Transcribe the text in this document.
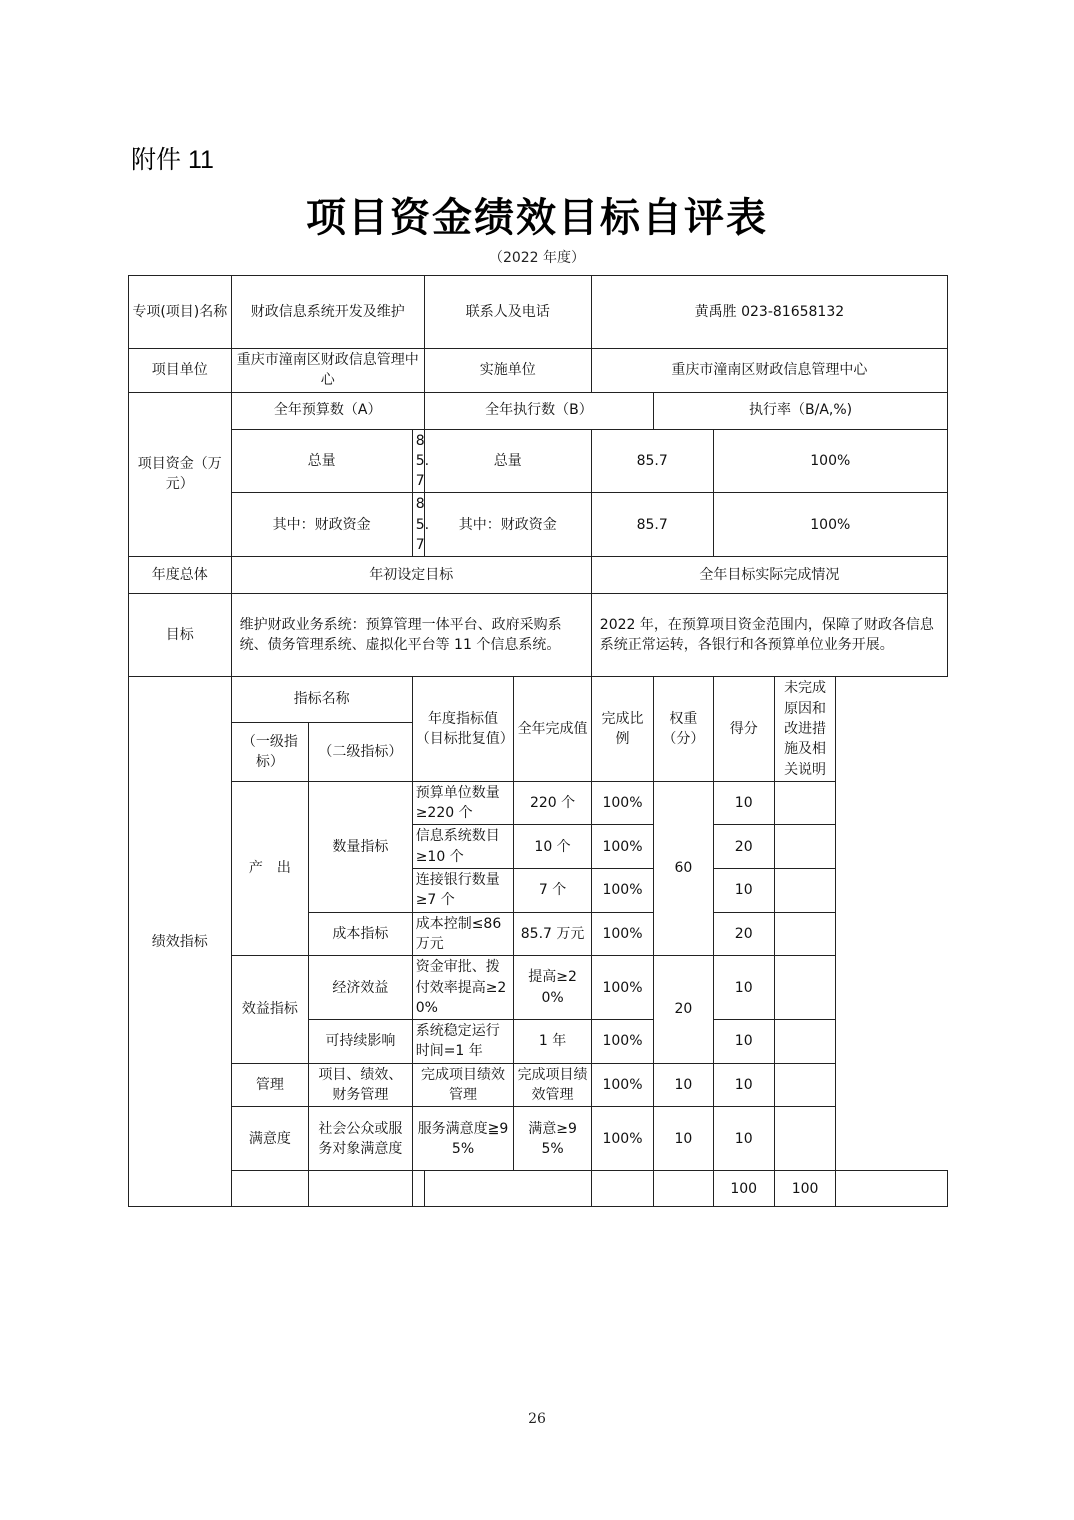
附件 11
项目资金绩效目标自评表
（2022 年度）
专项(项目)名称	财政信息系统开发及维护			联系人及电话		黄禹胜 023-81658132				
项目单位	重庆市潼南区财政信息管理中心			实施单位		重庆市潼南区财政信息管理中心				
项目资金（万元）	全年预算数（A）			全年执行数（B）			执行率（B/A,%)			
	总量		85.7	总量		85.7		100%		
	其中：财政资金		85.7	其中：财政资金		85.7		100%		
年度总体	年初设定目标					全年目标实际完成情况				
目标	维护财政业务系统：预算管理一体平台、政府采购系统、债务管理系统、虚拟化平台等 11 个信息系统。					2022 年，在预算项目资金范围内，保障了财政各信息系统正常运转，各银行和各预算单位业务开展。				
绩效指标	指标名称		年度指标值（目标批复值）		全年完成值	完成比例	权重（分）	得分	未完成原因和改进措施及相关说明	
	（一级指标）	（二级指标）								
	产　出	数量指标	预算单位数量≥220 个		220 个	100%	60	10		
			信息系统数目≥10 个		10 个	100%		20		
			连接银行数量≥7 个		7 个	100%		10		
		成本指标	成本控制≤86 万元		85.7 万元	100%		20		
	效益指标	经济效益	资金审批、拨付效率提高≥20%		提高≥20%	100%	20	10		
		可持续影响	系统稳定运行时间=1 年		1 年	100%		10		
	管理	项目、绩效、财务管理	完成项目绩效管理		完成项目绩效管理	100%	10	10		
	满意度	社会公众或服务对象满意度	服务满意度≧95%		满意≥95%	100%	10	10		
								100	100	
26
